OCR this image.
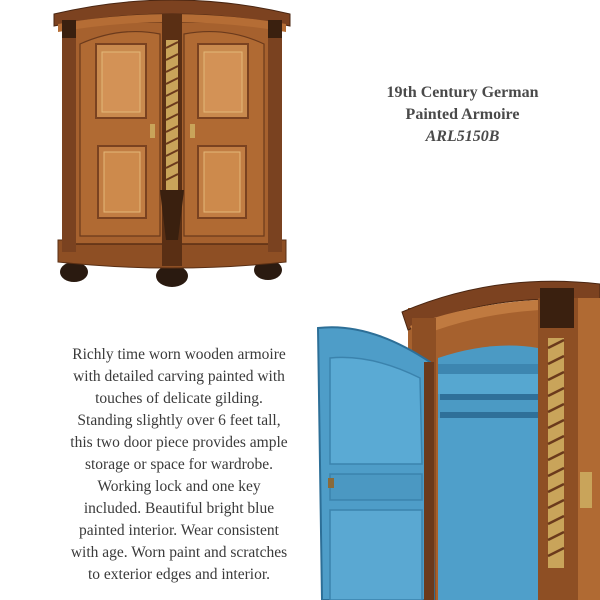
19th Century German
Painted Armoire
ARL5150B
Richly time worn wooden armoire with detailed carving painted with touches of delicate gilding. Standing slightly over 6 feet tall, this two door piece provides ample storage or space for wardrobe. Working lock and one key included. Beautiful bright blue painted interior. Wear consistent with age. Worn paint and scratches to exterior edges and interior.
